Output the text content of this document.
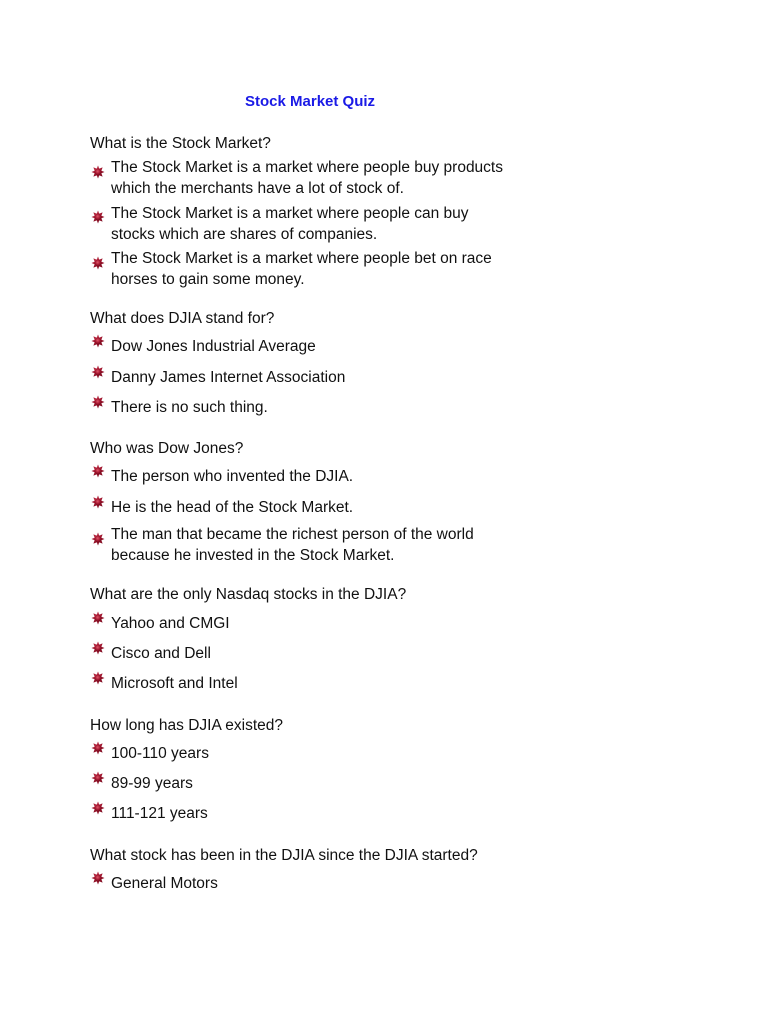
Stock Market Quiz
What is the Stock Market?
The Stock Market is a market where people buy products
which the merchants have a lot of stock of.
The Stock Market is a market where people can buy
stocks which are shares of companies.
The Stock Market is a market where people bet on race
horses to gain some money.
What does DJIA stand for?
Dow Jones Industrial Average
Danny James Internet Association
There is no such thing.
Who was Dow Jones?
The person who invented the DJIA.
He is the head of the Stock Market.
The man that became the richest person of the world
because he invested in the Stock Market.
What are the only Nasdaq stocks in the DJIA?
Yahoo and CMGI
Cisco and Dell
Microsoft and Intel
How long has DJIA existed?
100-110 years
89-99 years
111-121 years
What stock has been in the DJIA since the DJIA started?
General Motors
